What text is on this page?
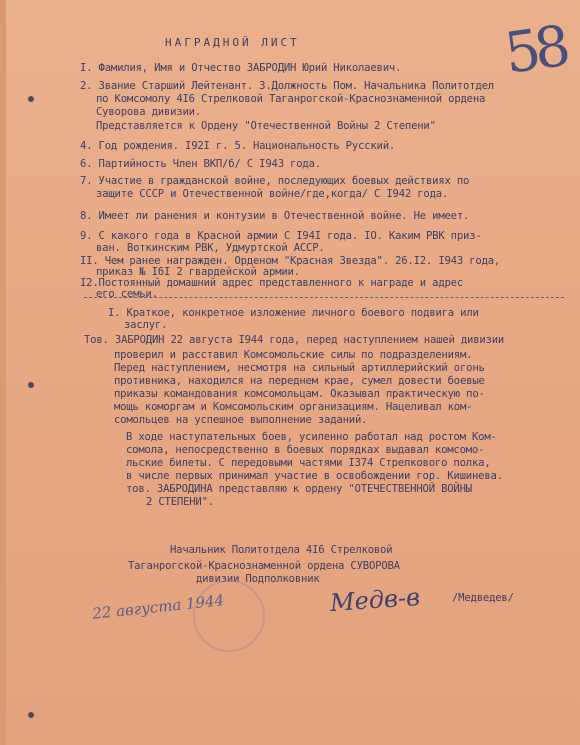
58
НАГРАДНОЙ ЛИСТ
I. Фамилия, Имя и Отчество ЗАБРОДИН Юрий Николаевич.
2. Звание Старший Лейтенант. 3.Должность Пом. Начальника Политотдел
по Комсомолу 4I6 Стрелковой Таганрогской-Краснознаменной ордена
Суворова дивизии.
Представляется к Ордену "Отечественной Войны 2 Степени"
4. Год рождения. I92I г. 5. Национальность Русский.
6. Партийность Член ВКП/б/ С I943 года.
7. Участие в гражданской войне, последующих боевых действиях по
защите СССР и Отечественной войне/где,когда/ С I942 года.
8. Имеет ли ранения и контузии в Отечественной войне. Не имеет.
9. С какого года в Красной армии С I94I года. IO. Каким РВК приз-
ван. Воткинским РВК, Удмуртской АССР.
II. Чем ранее награжден. Орденом "Красная Звезда". 26.I2. I943 года,
приказ № I6I 2 гвардейской армии.
I2.Постоянный домашний адрес представленного к награде и адрес
его семьи.
I. Краткое, конкретное изложение личного боевого подвига или
заслуг.
Тов. ЗАБРОДИН 22 августа I944 года, перед наступлением нашей дивизии
проверил и расставил Комсомольские силы по подразделениям.
Перед наступлением, несмотря на сильный артиллерийский огонь
противника, находился на переднем крае, сумел довести боевые
приказы командования комсомольцам. Оказывал практическую по-
мощь коморгам и Комсомольским организациям. Нацеливал ком-
сомольцев на успешное выполнение заданий.
В ходе наступательных боев, усиленно работал над ростом Ком-
сомола, непосредственно в боевых порядках выдавал комсомо-
льские билеты. С передовыми частями I374 Стрелкового полка,
в числе первых принимал участие в освобождении гор. Кишинева.
тов. ЗАБРОДИНА представляю к ордену "ОТЕЧЕСТВЕННОЙ ВОЙНЫ
2 СТЕПЕНИ".
Начальник Политотдела 4I6 Стрелковой
Таганрогской-Краснознаменной ордена СУВОРОВА
дивизии Подполковник
22 августа 1944	Медв-в	/Медведев/
